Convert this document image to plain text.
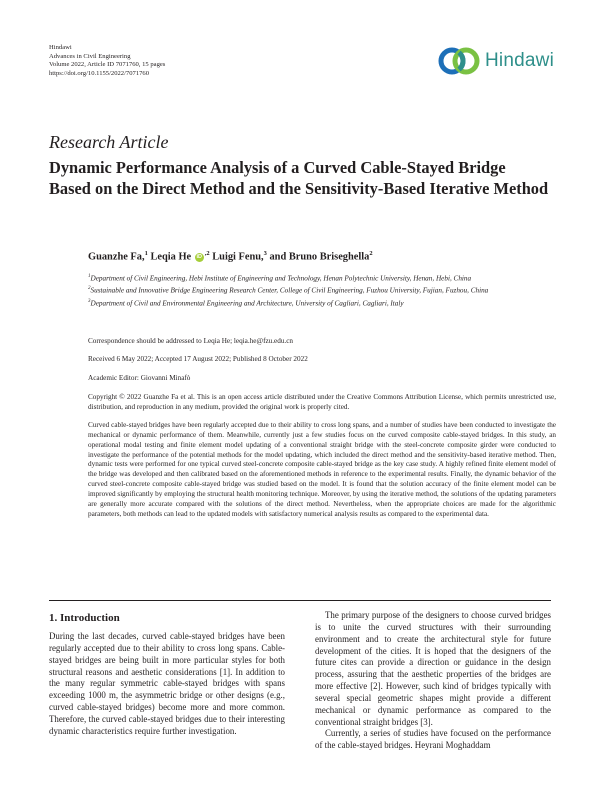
Hindawi
Advances in Civil Engineering
Volume 2022, Article ID 7071760, 15 pages
https://doi.org/10.1155/2022/7071760
Hindawi
Research Article
Dynamic Performance Analysis of a Curved Cable-Stayed Bridge Based on the Direct Method and the Sensitivity-Based Iterative Method
Guanzhe Fa,$^1$ Leqia He $iD^{,2}$ Luigi Fenu,$^3$ and Bruno Briseghella$^2$
$^1$Department of Civil Engineering, Hebi Institute of Engineering and Technology, Henan Polytechnic University, Henan, Hebi, China
$^2$Sustainable and Innovative Bridge Engineering Research Center, College of Civil Engineering, Fuzhou University, Fujian, Fuzhou, China
$^3$Department of Civil and Environmental Engineering and Architecture, University of Cagliari, Cagliari, Italy
Correspondence should be addressed to Leqia He; leqia.he@fzu.edu.cn
Received 6 May 2022; Accepted 17 August 2022; Published 8 October 2022
Academic Editor: Giovanni Minafò
Copyright © 2022 Guanzhe Fa et al. This is an open access article distributed under the Creative Commons Attribution License, which permits unrestricted use, distribution, and reproduction in any medium, provided the original work is properly cited.
Curved cable-stayed bridges have been regularly accepted due to their ability to cross long spans, and a number of studies have been conducted to investigate the mechanical or dynamic performance of them. Meanwhile, currently just a few studies focus on the curved composite cable-stayed bridges. In this study, an operational modal testing and finite element model updating of a conventional straight bridge with the steel-concrete composite girder were conducted to investigate the performance of the potential methods for the model updating, which included the direct method and the sensitivity-based iterative method. Then, dynamic tests were performed for one typical curved steel-concrete composite cable-stayed bridge as the key case study. A highly refined finite element model of the bridge was developed and then calibrated based on the aforementioned methods in reference to the experimental results. Finally, the dynamic behavior of the curved steel-concrete composite cable-stayed bridge was studied based on the model. It is found that the solution accuracy of the finite element model can be improved significantly by employing the structural health monitoring technique. Moreover, by using the iterative method, the solutions of the updating parameters are generally more accurate compared with the solutions of the direct method. Nevertheless, when the appropriate choices are made for the algorithmic parameters, both methods can lead to the updated models with satisfactory numerical analysis results as compared to the experimental data.
1. Introduction

During the last decades, curved cable-stayed bridges have been regularly accepted due to their ability to cross long spans. Cable-stayed bridges are being built in more particular styles for both structural reasons and aesthetic considerations [1]. In addition to the many regular symmetric cable-stayed bridges with spans exceeding 1000 m, the asymmetric bridge or other designs (e.g., curved cable-stayed bridges) become more and more common. Therefore, the curved cable-stayed bridges due to their interesting dynamic characteristics require further investigation.

The primary purpose of the designers to choose curved bridges is to unite the curved structures with their surrounding environment and to create the architectural style for future development of the cities. It is hoped that the designers of the future cites can provide a direction or guidance in the design process, assuring that the aesthetic properties of the bridges are more effective [2]. However, such kind of bridges typically with several special geometric shapes might provide a different mechanical or dynamic performance as compared to the conventional straight bridges [3].

Currently, a series of studies have focused on the performance of the cable-stayed bridges. Heyrani Moghaddam
